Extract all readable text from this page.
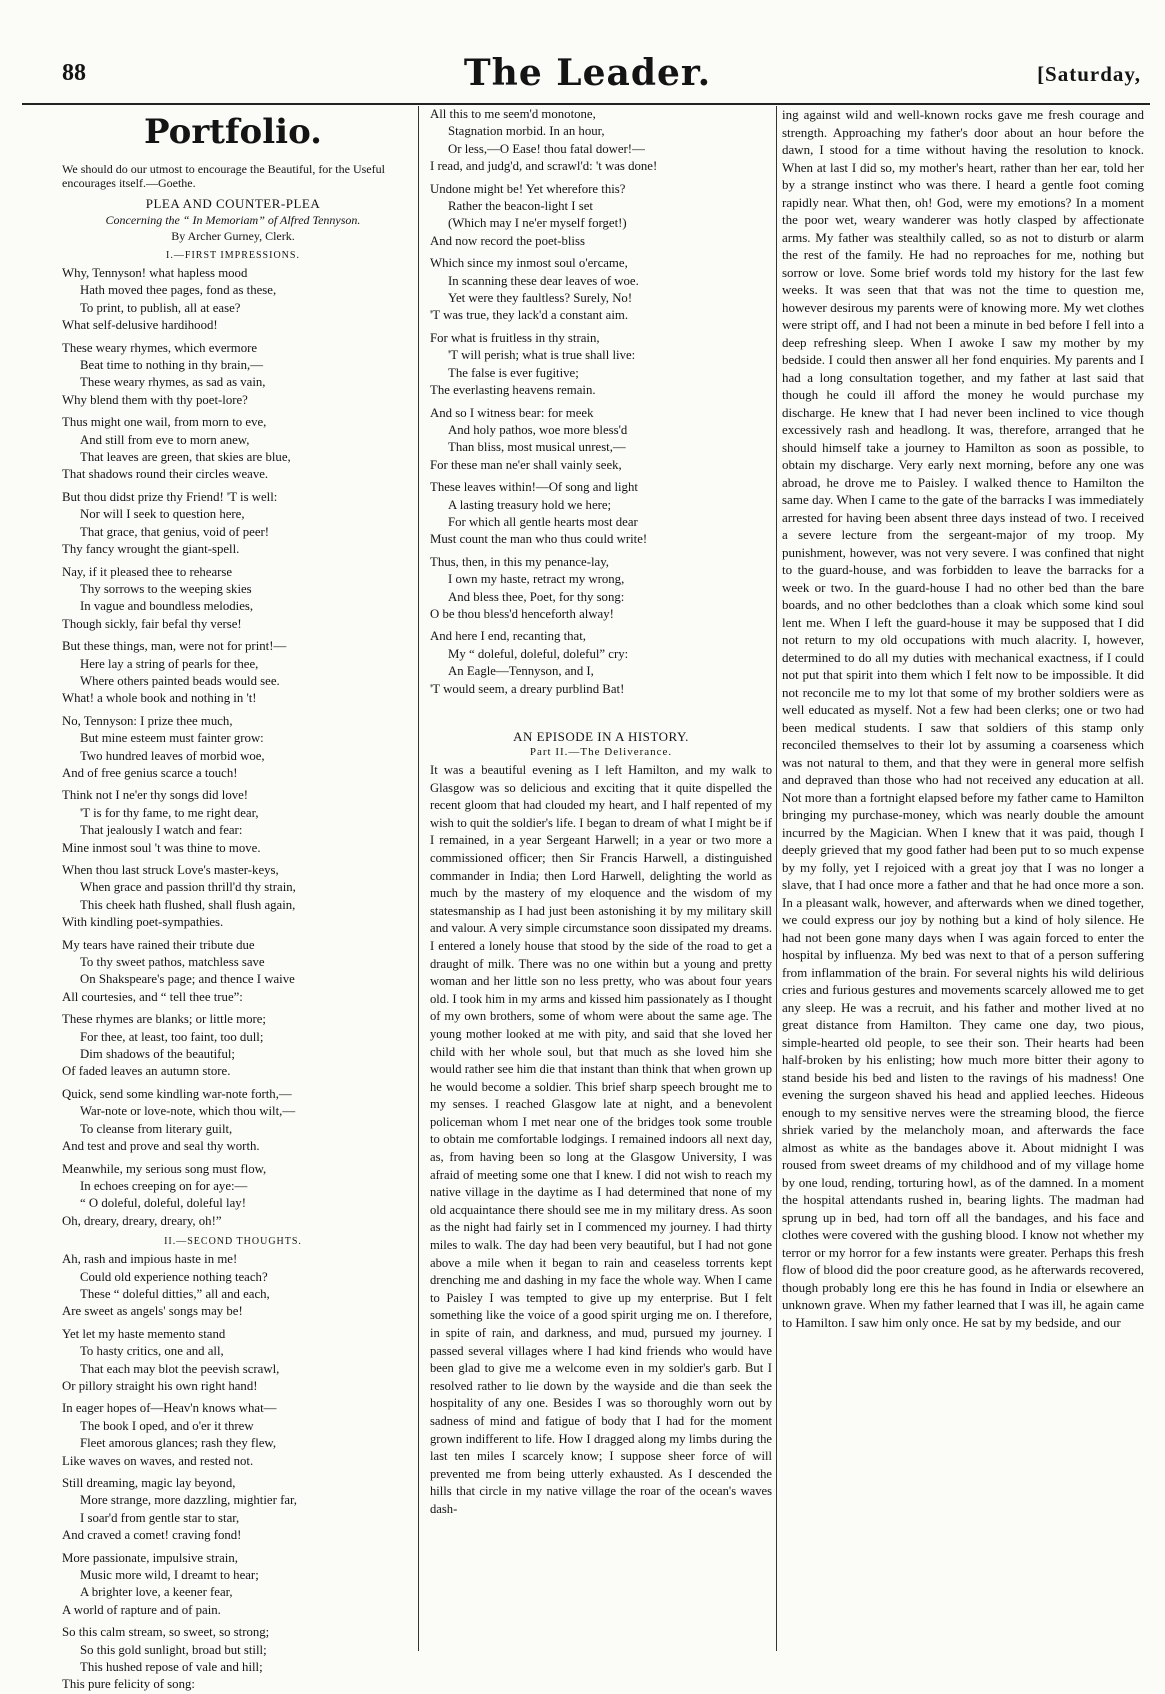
88	The Leader.	[Saturday,
Portfolio.

We should do our utmost to encourage the Beautiful, for the Useful encourages itself.—Goethe.

PLEA AND COUNTER-PLEA

Concerning the “ In Memoriam” of Alfred Tennyson.

By Archer Gurney, Clerk.

I.—FIRST IMPRESSIONS.
Why, Tennyson! what hapless mood
Hath moved thee pages, fond as these,
To print, to publish, all at ease?
What self-delusive hardihood!
These weary rhymes, which evermore
Beat time to nothing in thy brain,—
These weary rhymes, as sad as vain,
Why blend them with thy poet-lore?
Thus might one wail, from morn to eve,
And still from eve to morn anew,
That leaves are green, that skies are blue,
That shadows round their circles weave.
But thou didst prize thy Friend! 'T is well:
Nor will I seek to question here,
That grace, that genius, void of peer!
Thy fancy wrought the giant-spell.
Nay, if it pleased thee to rehearse
Thy sorrows to the weeping skies
In vague and boundless melodies,
Though sickly, fair befal thy verse!
But these things, man, were not for print!—
Here lay a string of pearls for thee,
Where others painted beads would see.
What! a whole book and nothing in 't!
No, Tennyson: I prize thee much,
But mine esteem must fainter grow:
Two hundred leaves of morbid woe,
And of free genius scarce a touch!
Think not I ne'er thy songs did love!
'T is for thy fame, to me right dear,
That jealously I watch and fear:
Mine inmost soul 't was thine to move.
When thou last struck Love's master-keys,
When grace and passion thrill'd thy strain,
This cheek hath flushed, shall flush again,
With kindling poet-sympathies.
My tears have rained their tribute due
To thy sweet pathos, matchless save
On Shakspeare's page; and thence I waive
All courtesies, and “ tell thee true”:
These rhymes are blanks; or little more;
For thee, at least, too faint, too dull;
Dim shadows of the beautiful;
Of faded leaves an autumn store.
Quick, send some kindling war-note forth,—
War-note or love-note, which thou wilt,—
To cleanse from literary guilt,
And test and prove and seal thy worth.
Meanwhile, my serious song must flow,
In echoes creeping on for aye:—
“ O doleful, doleful, doleful lay!
Oh, dreary, dreary, dreary, oh!”
II.—SECOND THOUGHTS.
Ah, rash and impious haste in me!
Could old experience nothing teach?
These “ doleful ditties,” all and each,
Are sweet as angels' songs may be!
Yet let my haste memento stand
To hasty critics, one and all,
That each may blot the peevish scrawl,
Or pillory straight his own right hand!
In eager hopes of—Heav'n knows what—
The book I oped, and o'er it threw
Fleet amorous glances; rash they flew,
Like waves on waves, and rested not.
Still dreaming, magic lay beyond,
More strange, more dazzling, mightier far,
I soar'd from gentle star to star,
And craved a comet! craving fond!
More passionate, impulsive strain,
Music more wild, I dreamt to hear;
A brighter love, a keener fear,
A world of rapture and of pain.
So this calm stream, so sweet, so strong;
So this gold sunlight, broad but still;
This hushed repose of vale and hill;
This pure felicity of song:
All this to me seem'd monotone,
Stagnation morbid. In an hour,
Or less,—O Ease! thou fatal dower!—
I read, and judg'd, and scrawl'd: 't was done!
Undone might be! Yet wherefore this?
Rather the beacon-light I set
(Which may I ne'er myself forget!)
And now record the poet-bliss
Which since my inmost soul o'ercame,
In scanning these dear leaves of woe.
Yet were they faultless? Surely, No!
'T was true, they lack'd a constant aim.
For what is fruitless in thy strain,
'T will perish; what is true shall live:
The false is ever fugitive;
The everlasting heavens remain.
And so I witness bear: for meek
And holy pathos, woe more bless'd
Than bliss, most musical unrest,—
For these man ne'er shall vainly seek,
These leaves within!—Of song and light
A lasting treasury hold we here;
For which all gentle hearts most dear
Must count the man who thus could write!
Thus, then, in this my penance-lay,
I own my haste, retract my wrong,
And bless thee, Poet, for thy song:
O be thou bless'd henceforth alway!
And here I end, recanting that,
My “ doleful, doleful, doleful” cry:
An Eagle—Tennyson, and I,
'T would seem, a dreary purblind Bat!
AN EPISODE IN A HISTORY.
Part II.—The Deliverance.

It was a beautiful evening as I left Hamilton, and my walk to Glasgow was so delicious and exciting that it quite dispelled the recent gloom that had clouded my heart, and I half repented of my wish to quit the soldier's life. I began to dream of what I might be if I remained, in a year Sergeant Harwell; in a year or two more a commissioned officer; then Sir Francis Harwell, a distinguished commander in India; then Lord Harwell, delighting the world as much by the mastery of my eloquence and the wisdom of my statesmanship as I had just been astonishing it by my military skill and valour. A very simple circumstance soon dissipated my dreams. I entered a lonely house that stood by the side of the road to get a draught of milk. There was no one within but a young and pretty woman and her little son no less pretty, who was about four years old. I took him in my arms and kissed him passionately as I thought of my own brothers, some of whom were about the same age. The young mother looked at me with pity, and said that she loved her child with her whole soul, but that much as she loved him she would rather see him die that instant than think that when grown up he would become a soldier. This brief sharp speech brought me to my senses. I reached Glasgow late at night, and a benevolent policeman whom I met near one of the bridges took some trouble to obtain me comfortable lodgings. I remained indoors all next day, as, from having been so long at the Glasgow University, I was afraid of meeting some one that I knew. I did not wish to reach my native village in the daytime as I had determined that none of my old acquaintance there should see me in my military dress. As soon as the night had fairly set in I commenced my journey. I had thirty miles to walk. The day had been very beautiful, but I had not gone above a mile when it began to rain and ceaseless torrents kept drenching me and dashing in my face the whole way. When I came to Paisley I was tempted to give up my enterprise. But I felt something like the voice of a good spirit urging me on. I therefore, in spite of rain, and darkness, and mud, pursued my journey. I passed several villages where I had kind friends who would have been glad to give me a welcome even in my soldier's garb. But I resolved rather to lie down by the wayside and die than seek the hospitality of any one. Besides I was so thoroughly worn out by sadness of mind and fatigue of body that I had for the moment grown indifferent to life. How I dragged along my limbs during the last ten miles I scarcely know; I suppose sheer force of will prevented me from being utterly exhausted. As I descended the hills that circle in my native village the roar of the ocean's waves dash-

ing against wild and well-known rocks gave me fresh courage and strength. Approaching my father's door about an hour before the dawn, I stood for a time without having the resolution to knock. When at last I did so, my mother's heart, rather than her ear, told her by a strange instinct who was there. I heard a gentle foot coming rapidly near. What then, oh! God, were my emotions? In a moment the poor wet, weary wanderer was hotly clasped by affectionate arms. My father was stealthily called, so as not to disturb or alarm the rest of the family. He had no reproaches for me, nothing but sorrow or love. Some brief words told my history for the last few weeks. It was seen that that was not the time to question me, however desirous my parents were of knowing more. My wet clothes were stript off, and I had not been a minute in bed before I fell into a deep refreshing sleep. When I awoke I saw my mother by my bedside. I could then answer all her fond enquiries. My parents and I had a long consultation together, and my father at last said that though he could ill afford the money he would purchase my discharge. He knew that I had never been inclined to vice though excessively rash and headlong. It was, therefore, arranged that he should himself take a journey to Hamilton as soon as possible, to obtain my discharge. Very early next morning, before any one was abroad, he drove me to Paisley. I walked thence to Hamilton the same day. When I came to the gate of the barracks I was immediately arrested for having been absent three days instead of two. I received a severe lecture from the sergeant-major of my troop. My punishment, however, was not very severe. I was confined that night to the guard-house, and was forbidden to leave the barracks for a week or two. In the guard-house I had no other bed than the bare boards, and no other bedclothes than a cloak which some kind soul lent me. When I left the guard-house it may be supposed that I did not return to my old occupations with much alacrity. I, however, determined to do all my duties with mechanical exactness, if I could not put that spirit into them which I felt now to be impossible. It did not reconcile me to my lot that some of my brother soldiers were as well educated as myself. Not a few had been clerks; one or two had been medical students. I saw that soldiers of this stamp only reconciled themselves to their lot by assuming a coarseness which was not natural to them, and that they were in general more selfish and depraved than those who had not received any education at all. Not more than a fortnight elapsed before my father came to Hamilton bringing my purchase-money, which was nearly double the amount incurred by the Magician. When I knew that it was paid, though I deeply grieved that my good father had been put to so much expense by my folly, yet I rejoiced with a great joy that I was no longer a slave, that I had once more a father and that he had once more a son. In a pleasant walk, however, and afterwards when we dined together, we could express our joy by nothing but a kind of holy silence. He had not been gone many days when I was again forced to enter the hospital by influenza. My bed was next to that of a person suffering from inflammation of the brain. For several nights his wild delirious cries and furious gestures and movements scarcely allowed me to get any sleep. He was a recruit, and his father and mother lived at no great distance from Hamilton. They came one day, two pious, simple-hearted old people, to see their son. Their hearts had been half-broken by his enlisting; how much more bitter their agony to stand beside his bed and listen to the ravings of his madness! One evening the surgeon shaved his head and applied leeches. Hideous enough to my sensitive nerves were the streaming blood, the fierce shriek varied by the melancholy moan, and afterwards the face almost as white as the bandages above it. About midnight I was roused from sweet dreams of my childhood and of my village home by one loud, rending, torturing howl, as of the damned. In a moment the hospital attendants rushed in, bearing lights. The madman had sprung up in bed, had torn off all the bandages, and his face and clothes were covered with the gushing blood. I know not whether my terror or my horror for a few instants were greater. Perhaps this fresh flow of blood did the poor creature good, as he afterwards recovered, though probably long ere this he has found in India or elsewhere an unknown grave. When my father learned that I was ill, he again came to Hamilton. I saw him only once. He sat by my bedside, and our
